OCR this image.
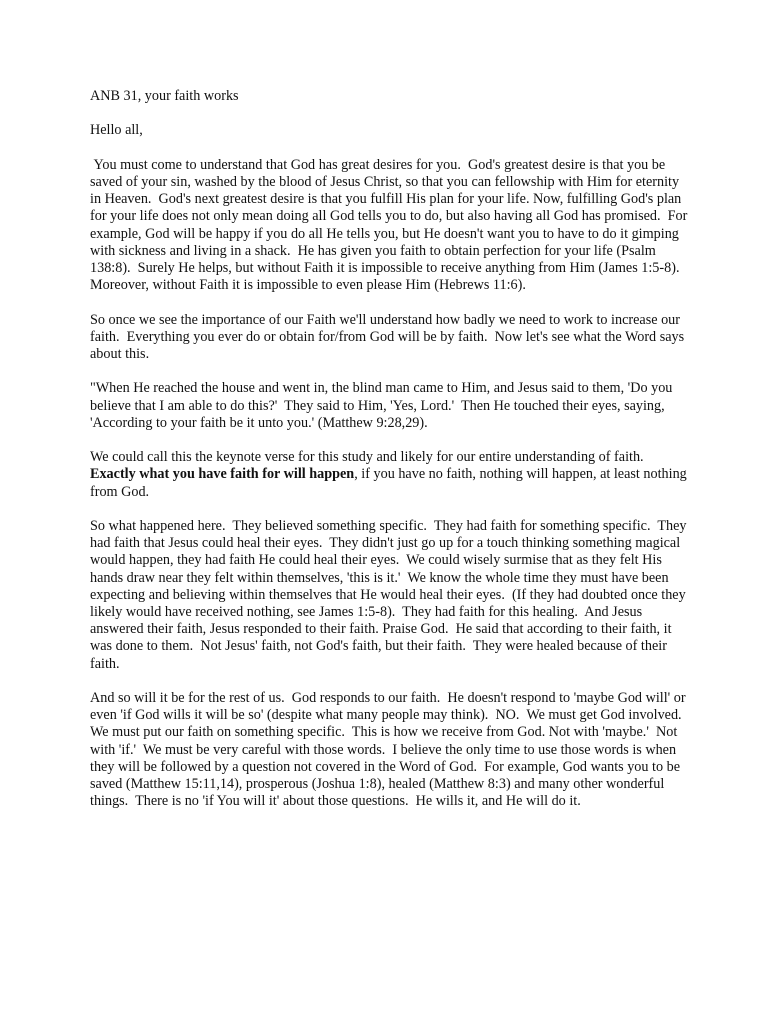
ANB 31, your faith works

Hello all,

You must come to understand that God has great desires for you.  God's greatest desire is that you be saved of your sin, washed by the blood of Jesus Christ, so that you can fellowship with Him for eternity in Heaven.  God's next greatest desire is that you fulfill His plan for your life. Now, fulfilling God's plan for your life does not only mean doing all God tells you to do, but also having all God has promised.  For example, God will be happy if you do all He tells you, but He doesn't want you to have to do it gimping with sickness and living in a shack.  He has given you faith to obtain perfection for your life (Psalm 138:8).  Surely He helps, but without Faith it is impossible to receive anything from Him (James 1:5-8).  Moreover, without Faith it is impossible to even please Him (Hebrews 11:6).

So once we see the importance of our Faith we'll understand how badly we need to work to increase our faith.  Everything you ever do or obtain for/from God will be by faith.  Now let's see what the Word says about this.

"When He reached the house and went in, the blind man came to Him, and Jesus said to them, 'Do you believe that I am able to do this?'  They said to Him, 'Yes, Lord.'  Then He touched their eyes, saying, 'According to your faith be it unto you.' (Matthew 9:28,29).

We could call this the keynote verse for this study and likely for our entire understanding of faith.  Exactly what you have faith for will happen, if you have no faith, nothing will happen, at least nothing from God.

So what happened here.  They believed something specific.  They had faith for something specific.  They had faith that Jesus could heal their eyes.  They didn't just go up for a touch thinking something magical would happen, they had faith He could heal their eyes.  We could wisely surmise that as they felt His hands draw near they felt within themselves, 'this is it.'  We know the whole time they must have been expecting and believing within themselves that He would heal their eyes.  (If they had doubted once they likely would have received nothing, see James 1:5-8).  They had faith for this healing.  And Jesus answered their faith, Jesus responded to their faith. Praise God.  He said that according to their faith, it was done to them.  Not Jesus' faith, not God's faith, but their faith.  They were healed because of their faith.

And so will it be for the rest of us.  God responds to our faith.  He doesn't respond to 'maybe God will' or even 'if God wills it will be so' (despite what many people may think).  NO.  We must get God involved.  We must put our faith on something specific.  This is how we receive from God. Not with 'maybe.'  Not with 'if.'  We must be very careful with those words.  I believe the only time to use those words is when they will be followed by a question not covered in the Word of God.  For example, God wants you to be saved (Matthew 15:11,14), prosperous (Joshua 1:8), healed (Matthew 8:3) and many other wonderful things.  There is no 'if You will it' about those questions.  He wills it, and He will do it.
